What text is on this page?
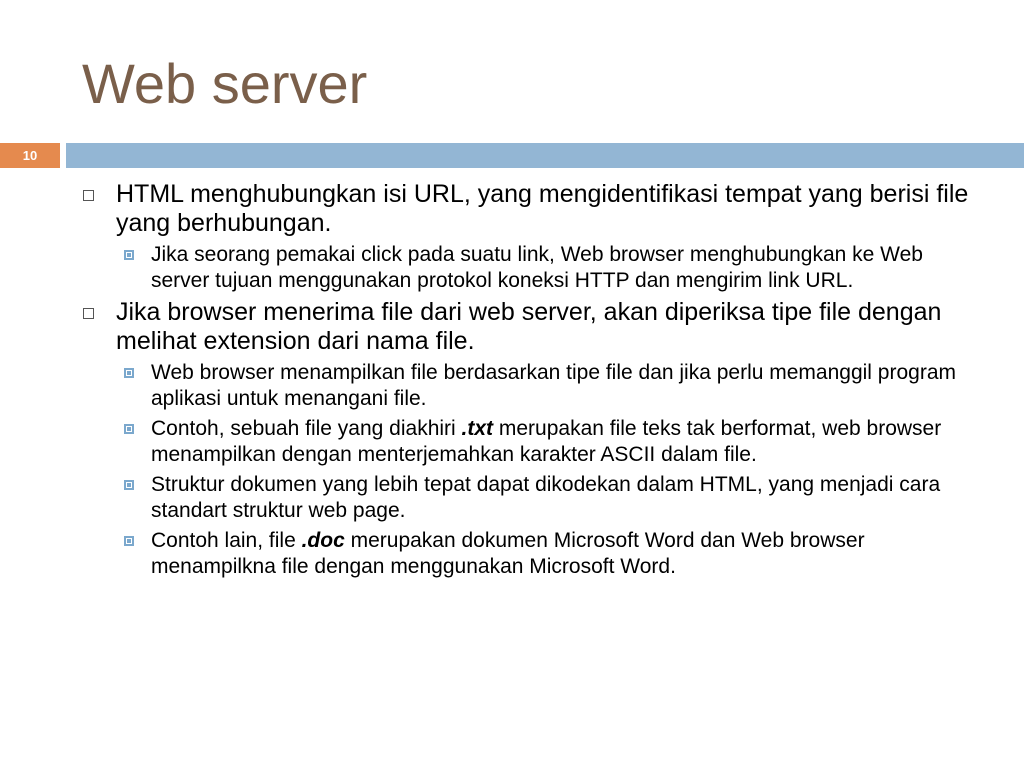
Web server
10
HTML menghubungkan isi URL, yang mengidentifikasi tempat yang berisi file yang berhubungan.
Jika seorang pemakai click pada suatu link, Web browser menghubungkan ke Web server tujuan menggunakan protokol koneksi HTTP dan mengirim link URL.
Jika browser menerima file dari web server, akan diperiksa tipe file dengan melihat extension dari nama file.
Web browser menampilkan file berdasarkan tipe file dan jika perlu memanggil program aplikasi untuk menangani file.
Contoh, sebuah file yang diakhiri .txt merupakan file teks tak berformat, web browser menampilkan dengan menterjemahkan karakter ASCII dalam file.
Struktur dokumen yang lebih tepat dapat dikodekan dalam HTML, yang menjadi cara standart struktur web page.
Contoh lain, file .doc merupakan dokumen Microsoft Word dan Web browser menampilkna file dengan menggunakan Microsoft Word.
